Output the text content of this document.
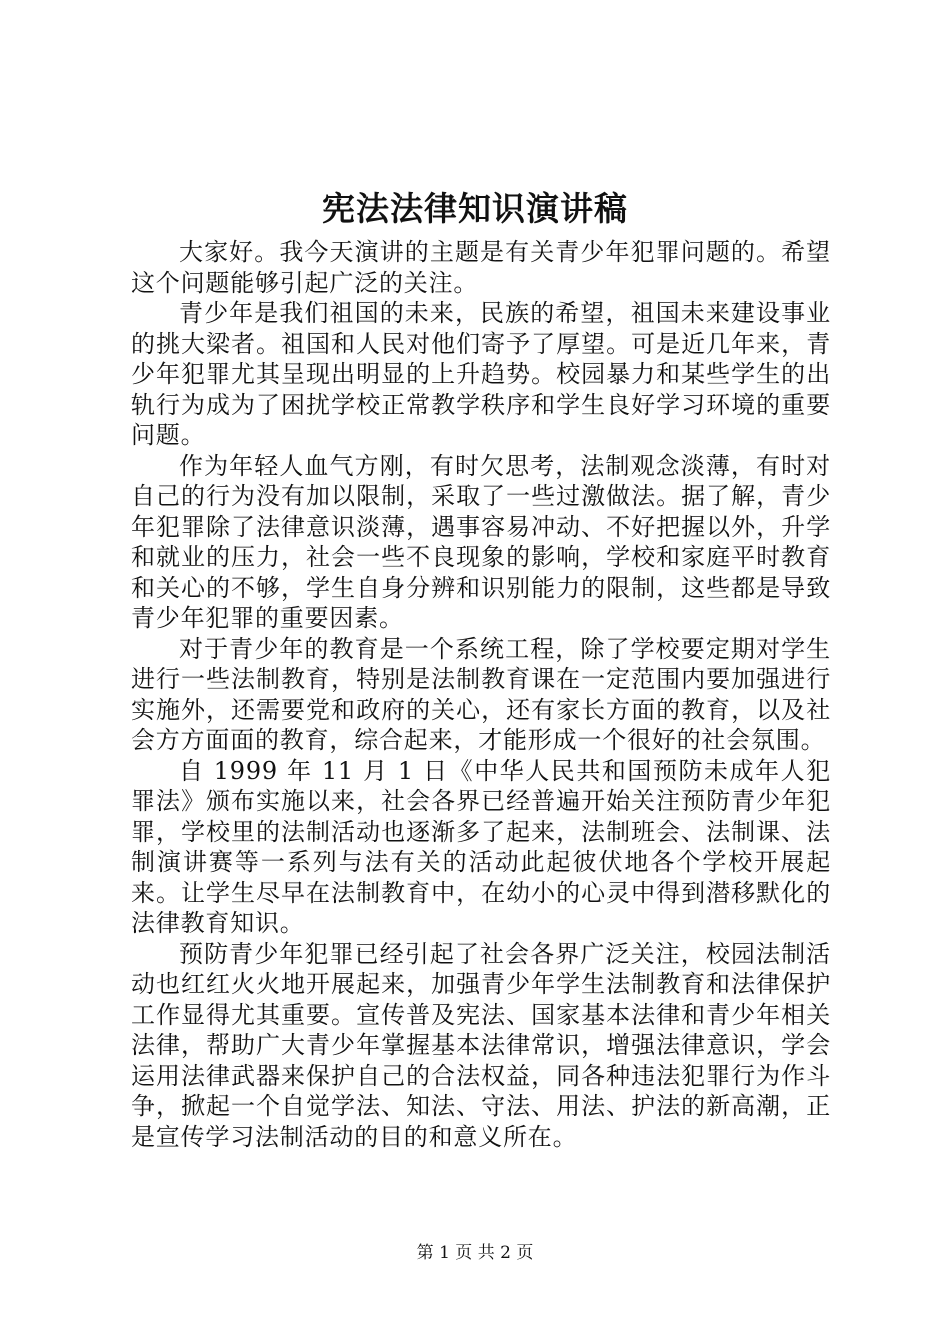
宪法法律知识演讲稿

大家好。我今天演讲的主题是有关青少年犯罪问题的。希望这个问题能够引起广泛的关注。

青少年是我们祖国的未来，民族的希望，祖国未来建设事业的挑大梁者。祖国和人民对他们寄予了厚望。可是近几年来，青少年犯罪尤其呈现出明显的上升趋势。校园暴力和某些学生的出轨行为成为了困扰学校正常教学秩序和学生良好学习环境的重要问题。

作为年轻人血气方刚，有时欠思考，法制观念淡薄，有时对自己的行为没有加以限制，采取了一些过激做法。据了解，青少年犯罪除了法律意识淡薄，遇事容易冲动、不好把握以外，升学和就业的压力，社会一些不良现象的影响，学校和家庭平时教育和关心的不够，学生自身分辨和识别能力的限制，这些都是导致青少年犯罪的重要因素。

对于青少年的教育是一个系统工程，除了学校要定期对学生进行一些法制教育，特别是法制教育课在一定范围内要加强进行实施外，还需要党和政府的关心，还有家长方面的教育，以及社会方方面面的教育，综合起来，才能形成一个很好的社会氛围。

自 1999 年 11 月 1 日《中华人民共和国预防未成年人犯罪法》颁布实施以来，社会各界已经普遍开始关注预防青少年犯罪，学校里的法制活动也逐渐多了起来，法制班会、法制课、法制演讲赛等一系列与法有关的活动此起彼伏地各个学校开展起来。让学生尽早在法制教育中，在幼小的心灵中得到潜移默化的法律教育知识。

预防青少年犯罪已经引起了社会各界广泛关注，校园法制活动也红红火火地开展起来，加强青少年学生法制教育和法律保护工作显得尤其重要。宣传普及宪法、国家基本法律和青少年相关法律，帮助广大青少年掌握基本法律常识，增强法律意识，学会运用法律武器来保护自己的合法权益，同各种违法犯罪行为作斗争，掀起一个自觉学法、知法、守法、用法、护法的新高潮，正是宣传学习法制活动的目的和意义所在。

第 1 页 共 2 页
